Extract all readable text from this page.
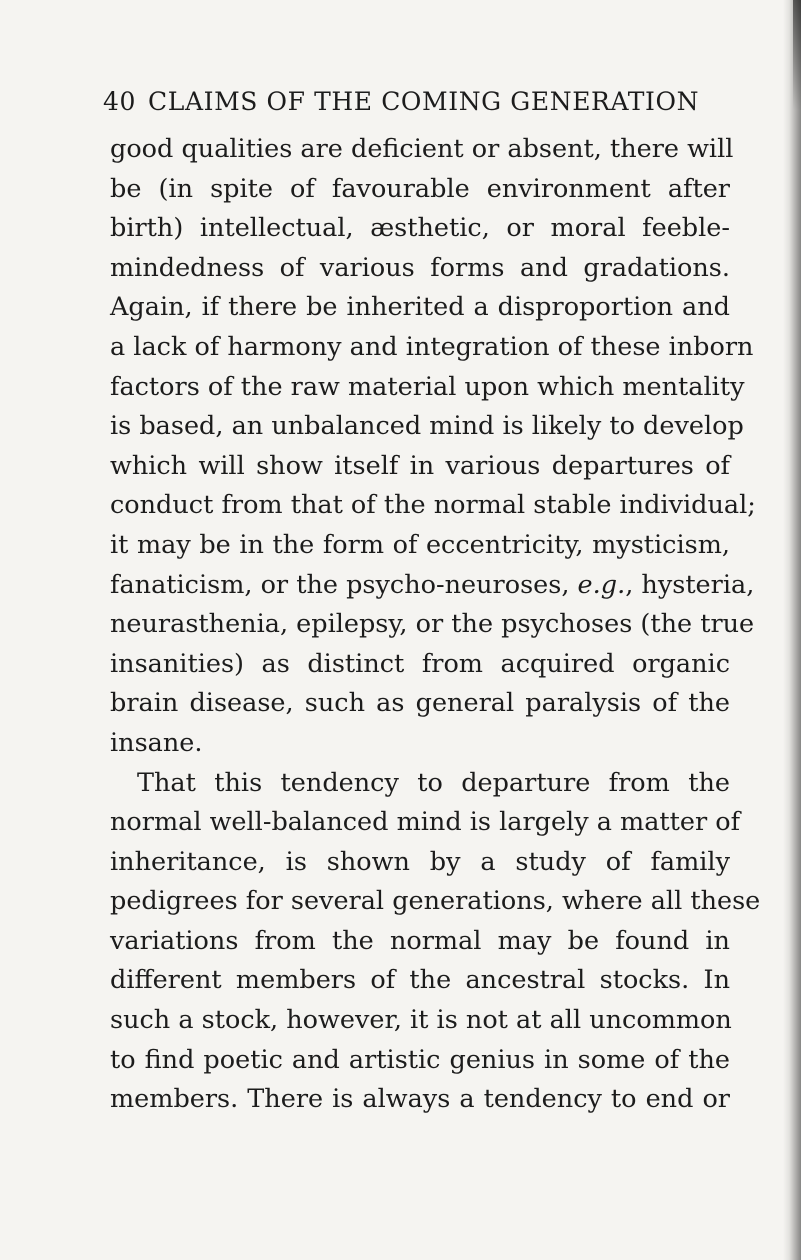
40 CLAIMS OF THE COMING GENERATION
good qualities are deficient or absent, there will
be (in spite of favourable environment after
birth) intellectual, æsthetic, or moral feeble-
mindedness of various forms and gradations.
Again, if there be inherited a disproportion and
a lack of harmony and integration of these inborn
factors of the raw material upon which mentality
is based, an unbalanced mind is likely to develop
which will show itself in various departures of
conduct from that of the normal stable individual;
it may be in the form of eccentricity, mysticism,
fanaticism, or the psycho-neuroses, e.g., hysteria,
neurasthenia, epilepsy, or the psychoses (the true
insanities) as distinct from acquired organic
brain disease, such as general paralysis of the
insane.
That this tendency to departure from the
normal well-balanced mind is largely a matter of
inheritance, is shown by a study of family
pedigrees for several generations, where all these
variations from the normal may be found in
different members of the ancestral stocks. In
such a stock, however, it is not at all uncommon
to find poetic and artistic genius in some of the
members. There is always a tendency to end or
